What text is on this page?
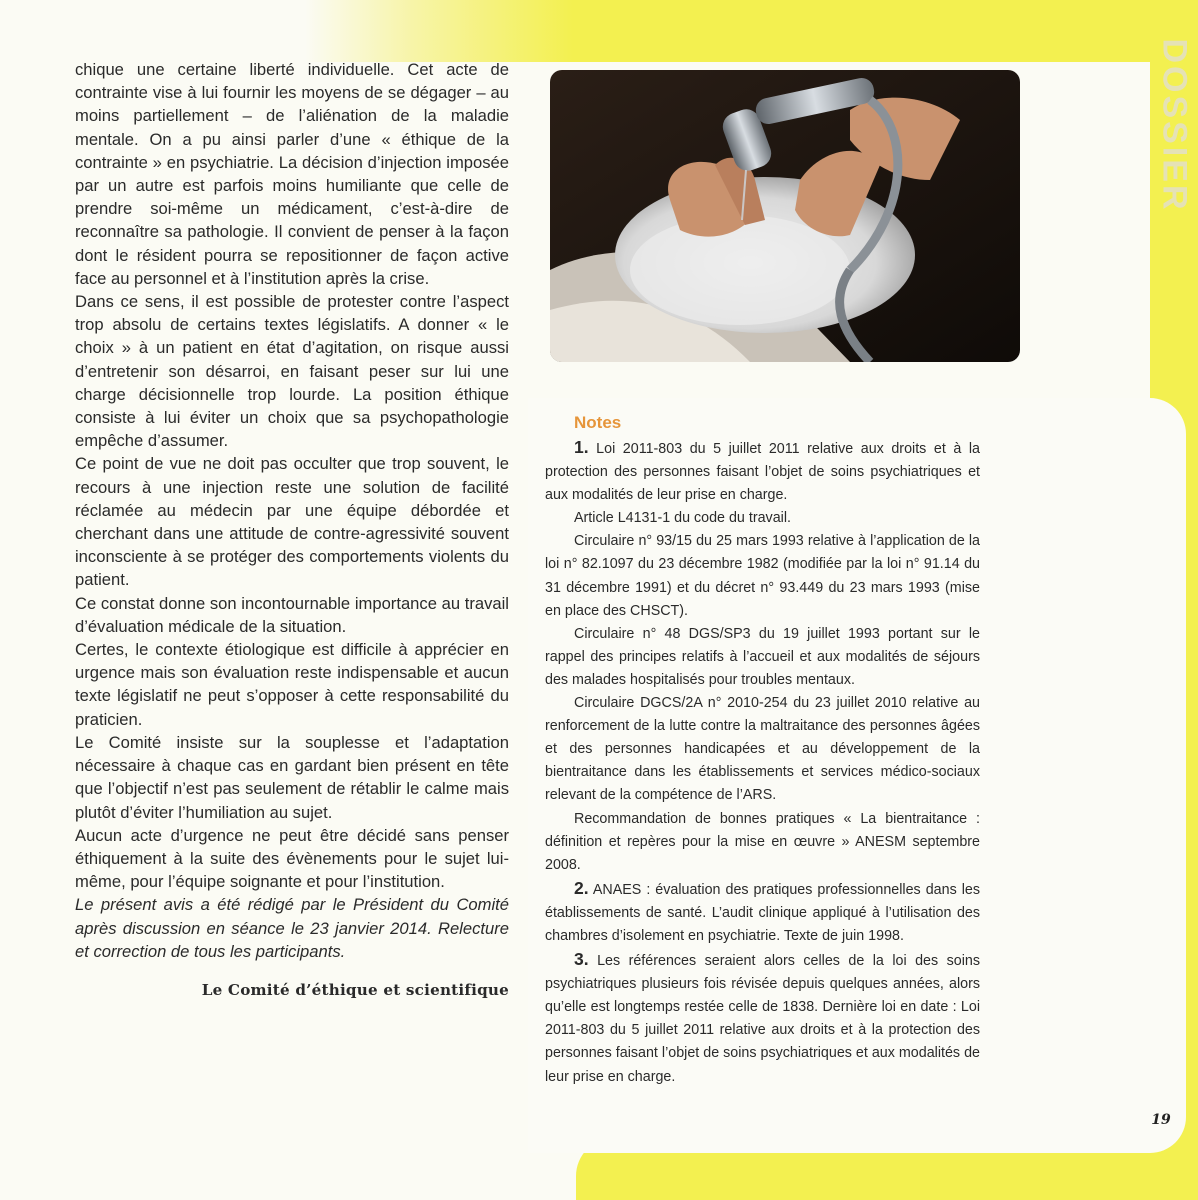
DOSSIER

chique une certaine liberté individuelle. Cet acte de contrainte vise à lui fournir les moyens de se dégager – au moins partiellement – de l’aliénation de la maladie mentale. On a pu ainsi parler d’une « éthique de la contrainte » en psychiatrie. La décision d’injection imposée par un autre est parfois moins humiliante que celle de prendre soi-même un médicament, c’est-à-dire de reconnaître sa pathologie. Il convient de penser à la façon dont le résident pourra se repositionner de façon active face au personnel et à l’institution après la crise.

Dans ce sens, il est possible de protester contre l’aspect trop absolu de certains textes législatifs. A donner « le choix » à un patient en état d’agitation, on risque aussi d’entretenir son désarroi, en faisant peser sur lui une charge décisionnelle trop lourde. La position éthique consiste à lui éviter un choix que sa psychopathologie empêche d’assumer.

Ce point de vue ne doit pas occulter que trop souvent, le recours à une injection reste une solution de facilité réclamée au médecin par une équipe débordée et cherchant dans une attitude de contre-agressivité souvent inconsciente à se protéger des comportements violents du patient.

Ce constat donne son incontournable importance au travail d’évaluation médicale de la situation.

Certes, le contexte étiologique est difficile à apprécier en urgence mais son évaluation reste indispensable et aucun texte législatif ne peut s’opposer à cette responsabilité du praticien.

Le Comité insiste sur la souplesse et l’adaptation nécessaire à chaque cas en gardant bien présent en tête que l’objectif n’est pas seulement de rétablir le calme mais plutôt d’éviter l’humiliation au sujet.

Aucun acte d’urgence ne peut être décidé sans penser éthiquement à la suite des évènements pour le sujet lui-même, pour l’équipe soignante et pour l’institution.

Le présent avis a été rédigé par le Président du Comité après discussion en séance le 23 janvier 2014. Relecture et correction de tous les participants.

Le Comité d’éthique et scientifique

Notes

1. Loi 2011-803 du 5 juillet 2011 relative aux droits et à la protection des personnes faisant l’objet de soins psychiatriques et aux modalités de leur prise en charge.

Article L4131-1 du code du travail.

Circulaire n° 93/15 du 25 mars 1993 relative à l’application de la loi n° 82.1097 du 23 décembre 1982 (modifiée par la loi n° 91.14 du 31 décembre 1991) et du décret n° 93.449 du 23 mars 1993 (mise en place des CHSCT).

Circulaire n° 48 DGS/SP3 du 19 juillet 1993 portant sur le rappel des principes relatifs à l’accueil et aux modalités de séjours des malades hospitalisés pour troubles mentaux.

Circulaire DGCS/2A n° 2010-254 du 23 juillet 2010 relative au renforcement de la lutte contre la maltraitance des personnes âgées et des personnes handicapées et au développement de la bientraitance dans les établissements et services médico-sociaux relevant de la compétence de l’ARS.

Recommandation de bonnes pratiques « La bientraitance : définition et repères pour la mise en œuvre » ANESM septembre 2008.

2. ANAES : évaluation des pratiques professionnelles dans les établissements de santé. L’audit clinique appliqué à l’utilisation des chambres d’isolement en psychiatrie. Texte de juin 1998.

3. Les références seraient alors celles de la loi des soins psychiatriques plusieurs fois révisée depuis quelques années, alors qu’elle est longtemps restée celle de 1838. Dernière loi en date : Loi 2011-803 du 5 juillet 2011 relative aux droits et à la protection des personnes faisant l’objet de soins psychiatriques et aux modalités de leur prise en charge.

19
